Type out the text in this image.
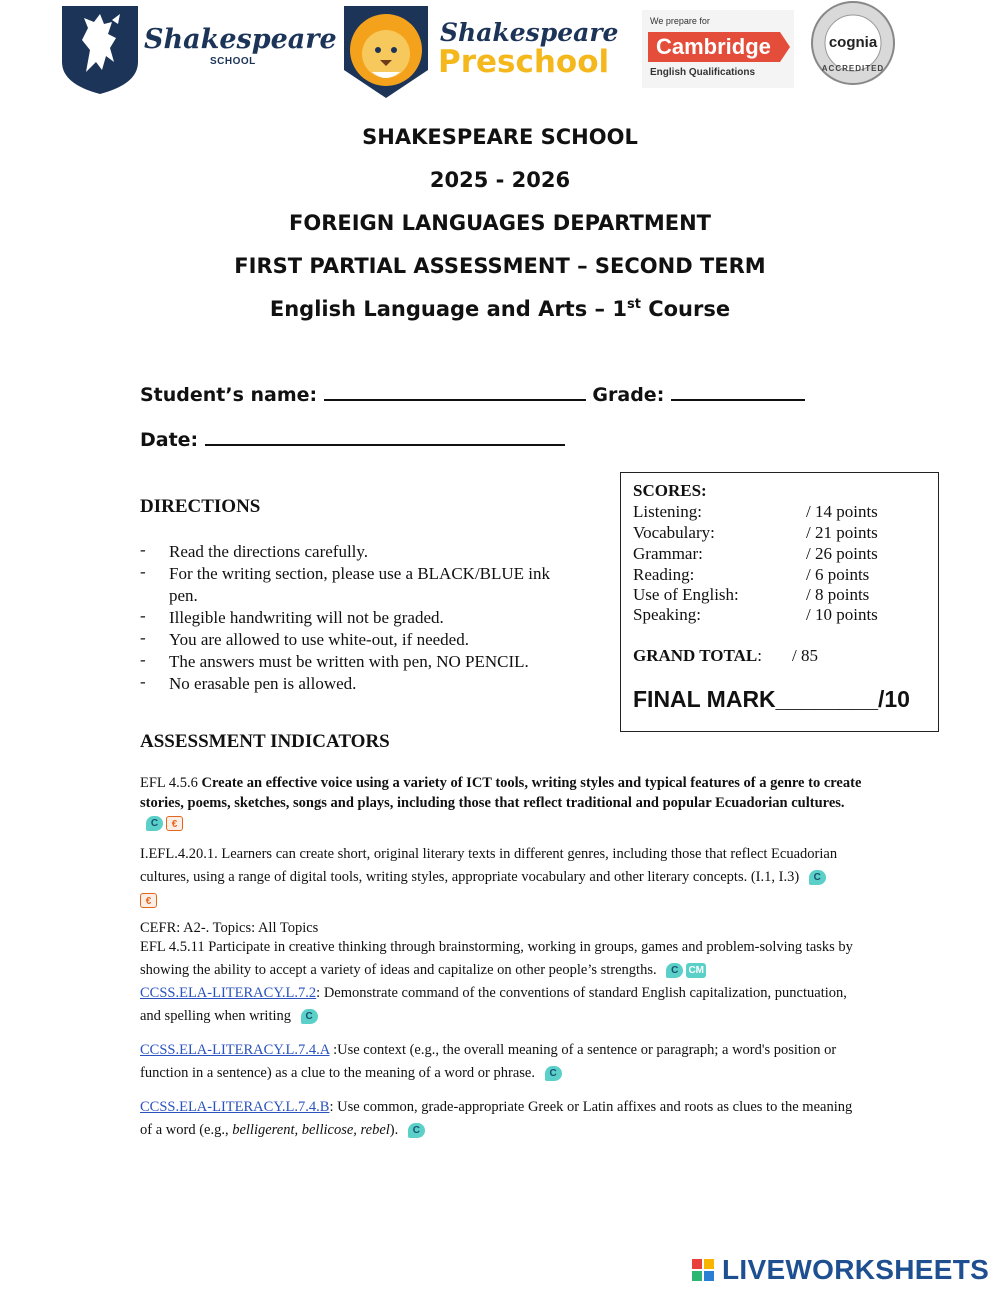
Shakespeare
SCHOOL
Shakespeare
Preschool
We prepare for
Cambridge
English Qualifications
cognia
ACCREDITED
SHAKESPEARE SCHOOL
2025 - 2026
FOREIGN LANGUAGES DEPARTMENT
FIRST PARTIAL ASSESSMENT – SECOND TERM
English Language and Arts – 1st Course
Student’s name:	Grade:
Date:
DIRECTIONS
- Read the directions carefully.
- For the writing section, please use a BLACK/BLUE ink pen.
- Illegible handwriting will not be graded.
- You are allowed to use white-out, if needed.
- The answers must be written with pen, NO PENCIL.
- No erasable pen is allowed.
SCORES:
Listening:	/ 14 points
Vocabulary:	/ 21 points
Grammar:	/ 26 points
Reading:	/ 6 points
Use of English:	/ 8 points
Speaking:	/ 10 points
GRAND TOTAL: / 85
FINAL MARK________/10
ASSESSMENT INDICATORS
EFL 4.5.6 Create an effective voice using a variety of ICT tools, writing styles and typical features of a genre to create stories, poems, sketches, songs and plays, including those that reflect traditional and popular Ecuadorian cultures. C €
I.EFL.4.20.1. Learners can create short, original literary texts in different genres, including those that reflect Ecuadorian cultures, using a range of digital tools, writing styles, appropriate vocabulary and other literary concepts. (I.1, I.3) C
€
CEFR: A2-. Topics: All Topics
EFL 4.5.11 Participate in creative thinking through brainstorming, working in groups, games and problem-solving tasks by showing the ability to accept a variety of ideas and capitalize on other people’s strengths. C CM
CCSS.ELA-LITERACY.L.7.2: Demonstrate command of the conventions of standard English capitalization, punctuation, and spelling when writing C
CCSS.ELA-LITERACY.L.7.4.A :Use context (e.g., the overall meaning of a sentence or paragraph; a word's position or function in a sentence) as a clue to the meaning of a word or phrase. C
CCSS.ELA-LITERACY.L.7.4.B: Use common, grade-appropriate Greek or Latin affixes and roots as clues to the meaning of a word (e.g., belligerent, bellicose, rebel). C
LIVEWORKSHEETS
